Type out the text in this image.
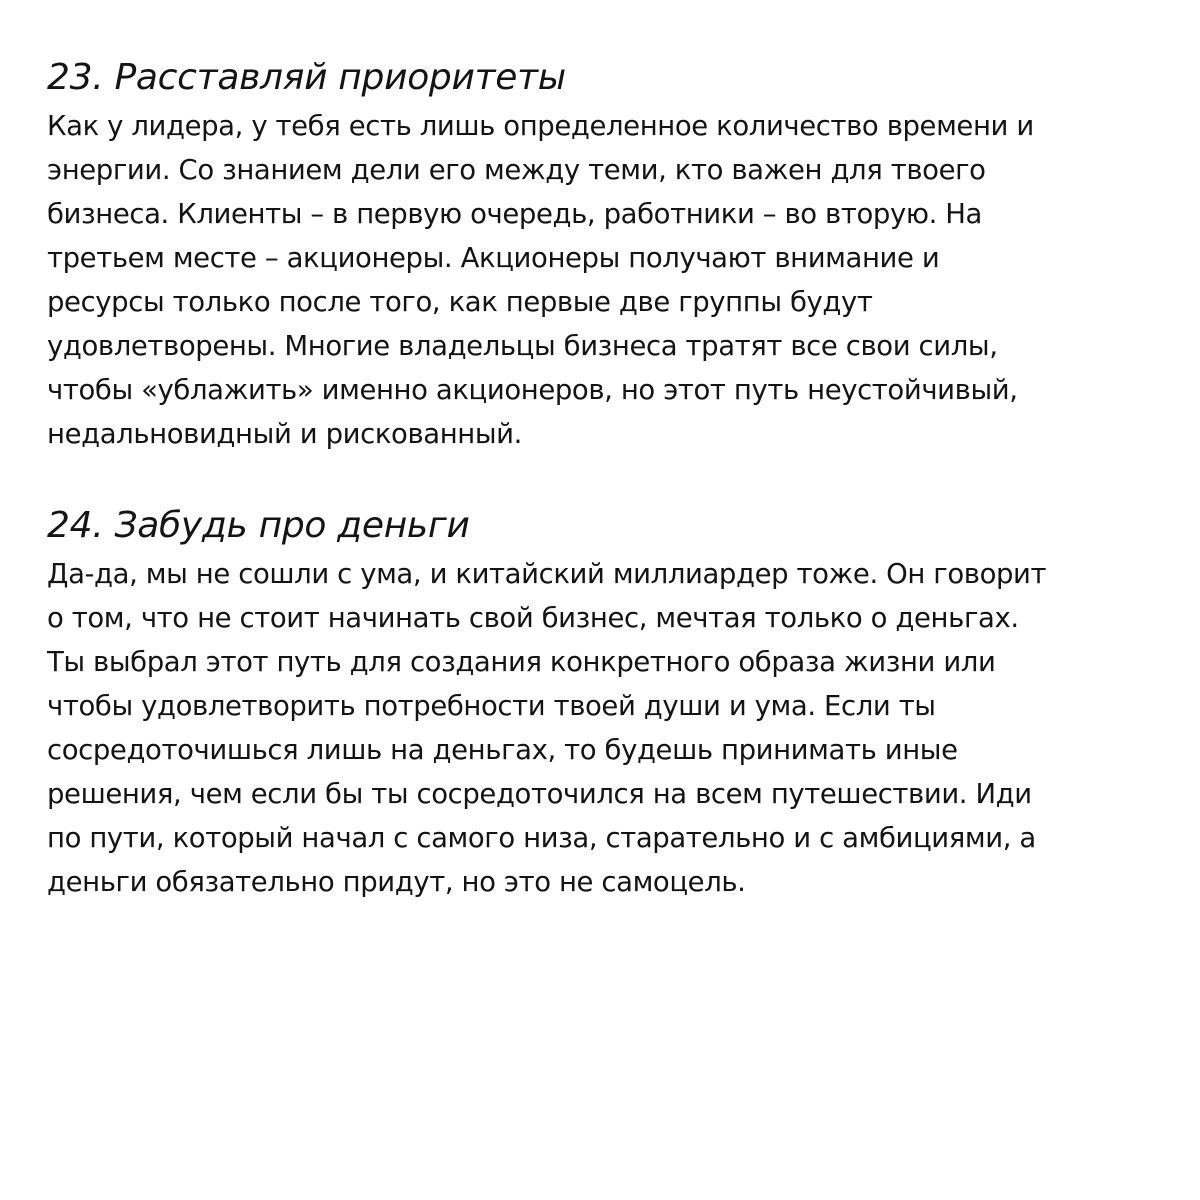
23. Расставляй приоритеты
Как у лидера, у тебя есть лишь определенное количество времени и
энергии. Со знанием дели его между теми, кто важен для твоего
бизнеса. Клиенты – в первую очередь, работники – во вторую. На
третьем месте – акционеры. Акционеры получают внимание и
ресурсы только после того, как первые две группы будут
удовлетворены. Многие владельцы бизнеса тратят все свои силы,
чтобы «ублажить» именно акционеров, но этот путь неустойчивый,
недальновидный и рискованный.
24. Забудь про деньги
Да-да, мы не сошли с ума, и китайский миллиардер тоже. Он говорит
о том, что не стоит начинать свой бизнес, мечтая только о деньгах.
Ты выбрал этот путь для создания конкретного образа жизни или
чтобы удовлетворить потребности твоей души и ума. Если ты
сосредоточишься лишь на деньгах, то будешь принимать иные
решения, чем если бы ты сосредоточился на всем путешествии. Иди
по пути, который начал с самого низа, старательно и с амбициями, а
деньги обязательно придут, но это не самоцель.
